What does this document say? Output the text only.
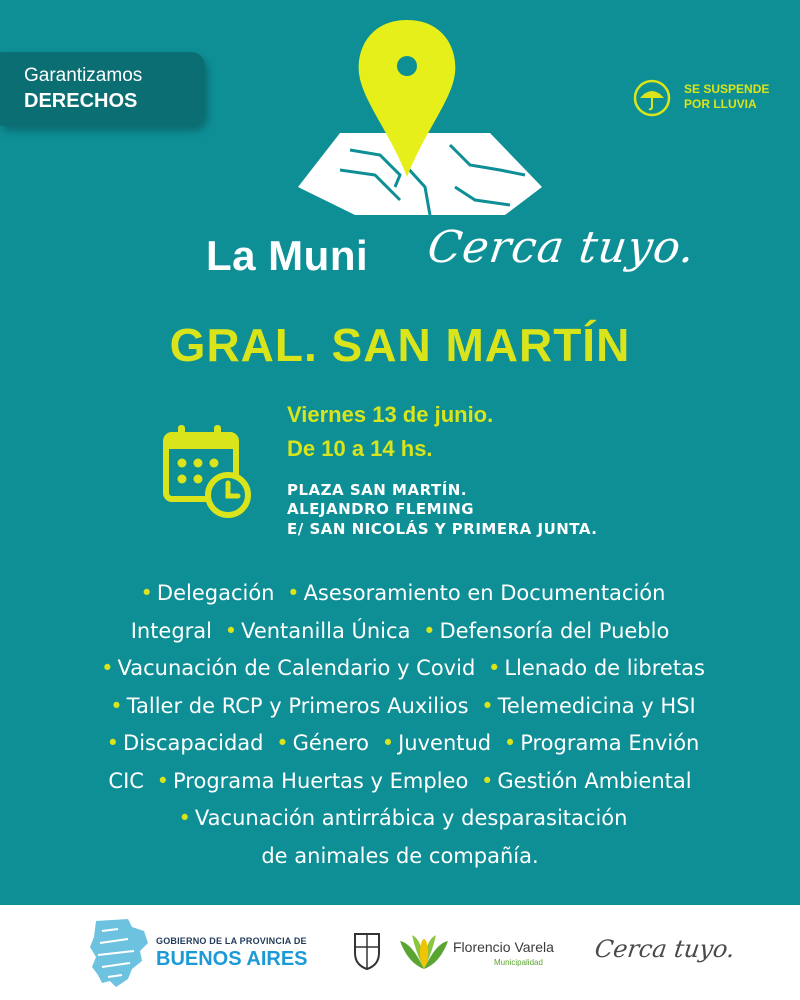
Garantizamos
DERECHOS
SE SUSPENDE
POR LLUVIA
La Muni Cerca tuyo.
GRAL. SAN MARTÍN
Viernes 13 de junio.
De 10 a 14 hs.
PLAZA SAN MARTÍN.
ALEJANDRO FLEMING
E/ SAN NICOLÁS Y PRIMERA JUNTA.
• Delegación • Asesoramiento en Documentación
Integral • Ventanilla Única • Defensoría del Pueblo
• Vacunación de Calendario y Covid • Llenado de libretas
• Taller de RCP y Primeros Auxilios • Telemedicina y HSI
• Discapacidad • Género • Juventud • Programa Envión
CIC • Programa Huertas y Empleo • Gestión Ambiental
• Vacunación antirrábica y desparasitación
de animales de compañía.
GOBIERNO DE LA PROVINCIA DE
BUENOS AIRES
Florencio Varela
Municipalidad Cerca tuyo.
